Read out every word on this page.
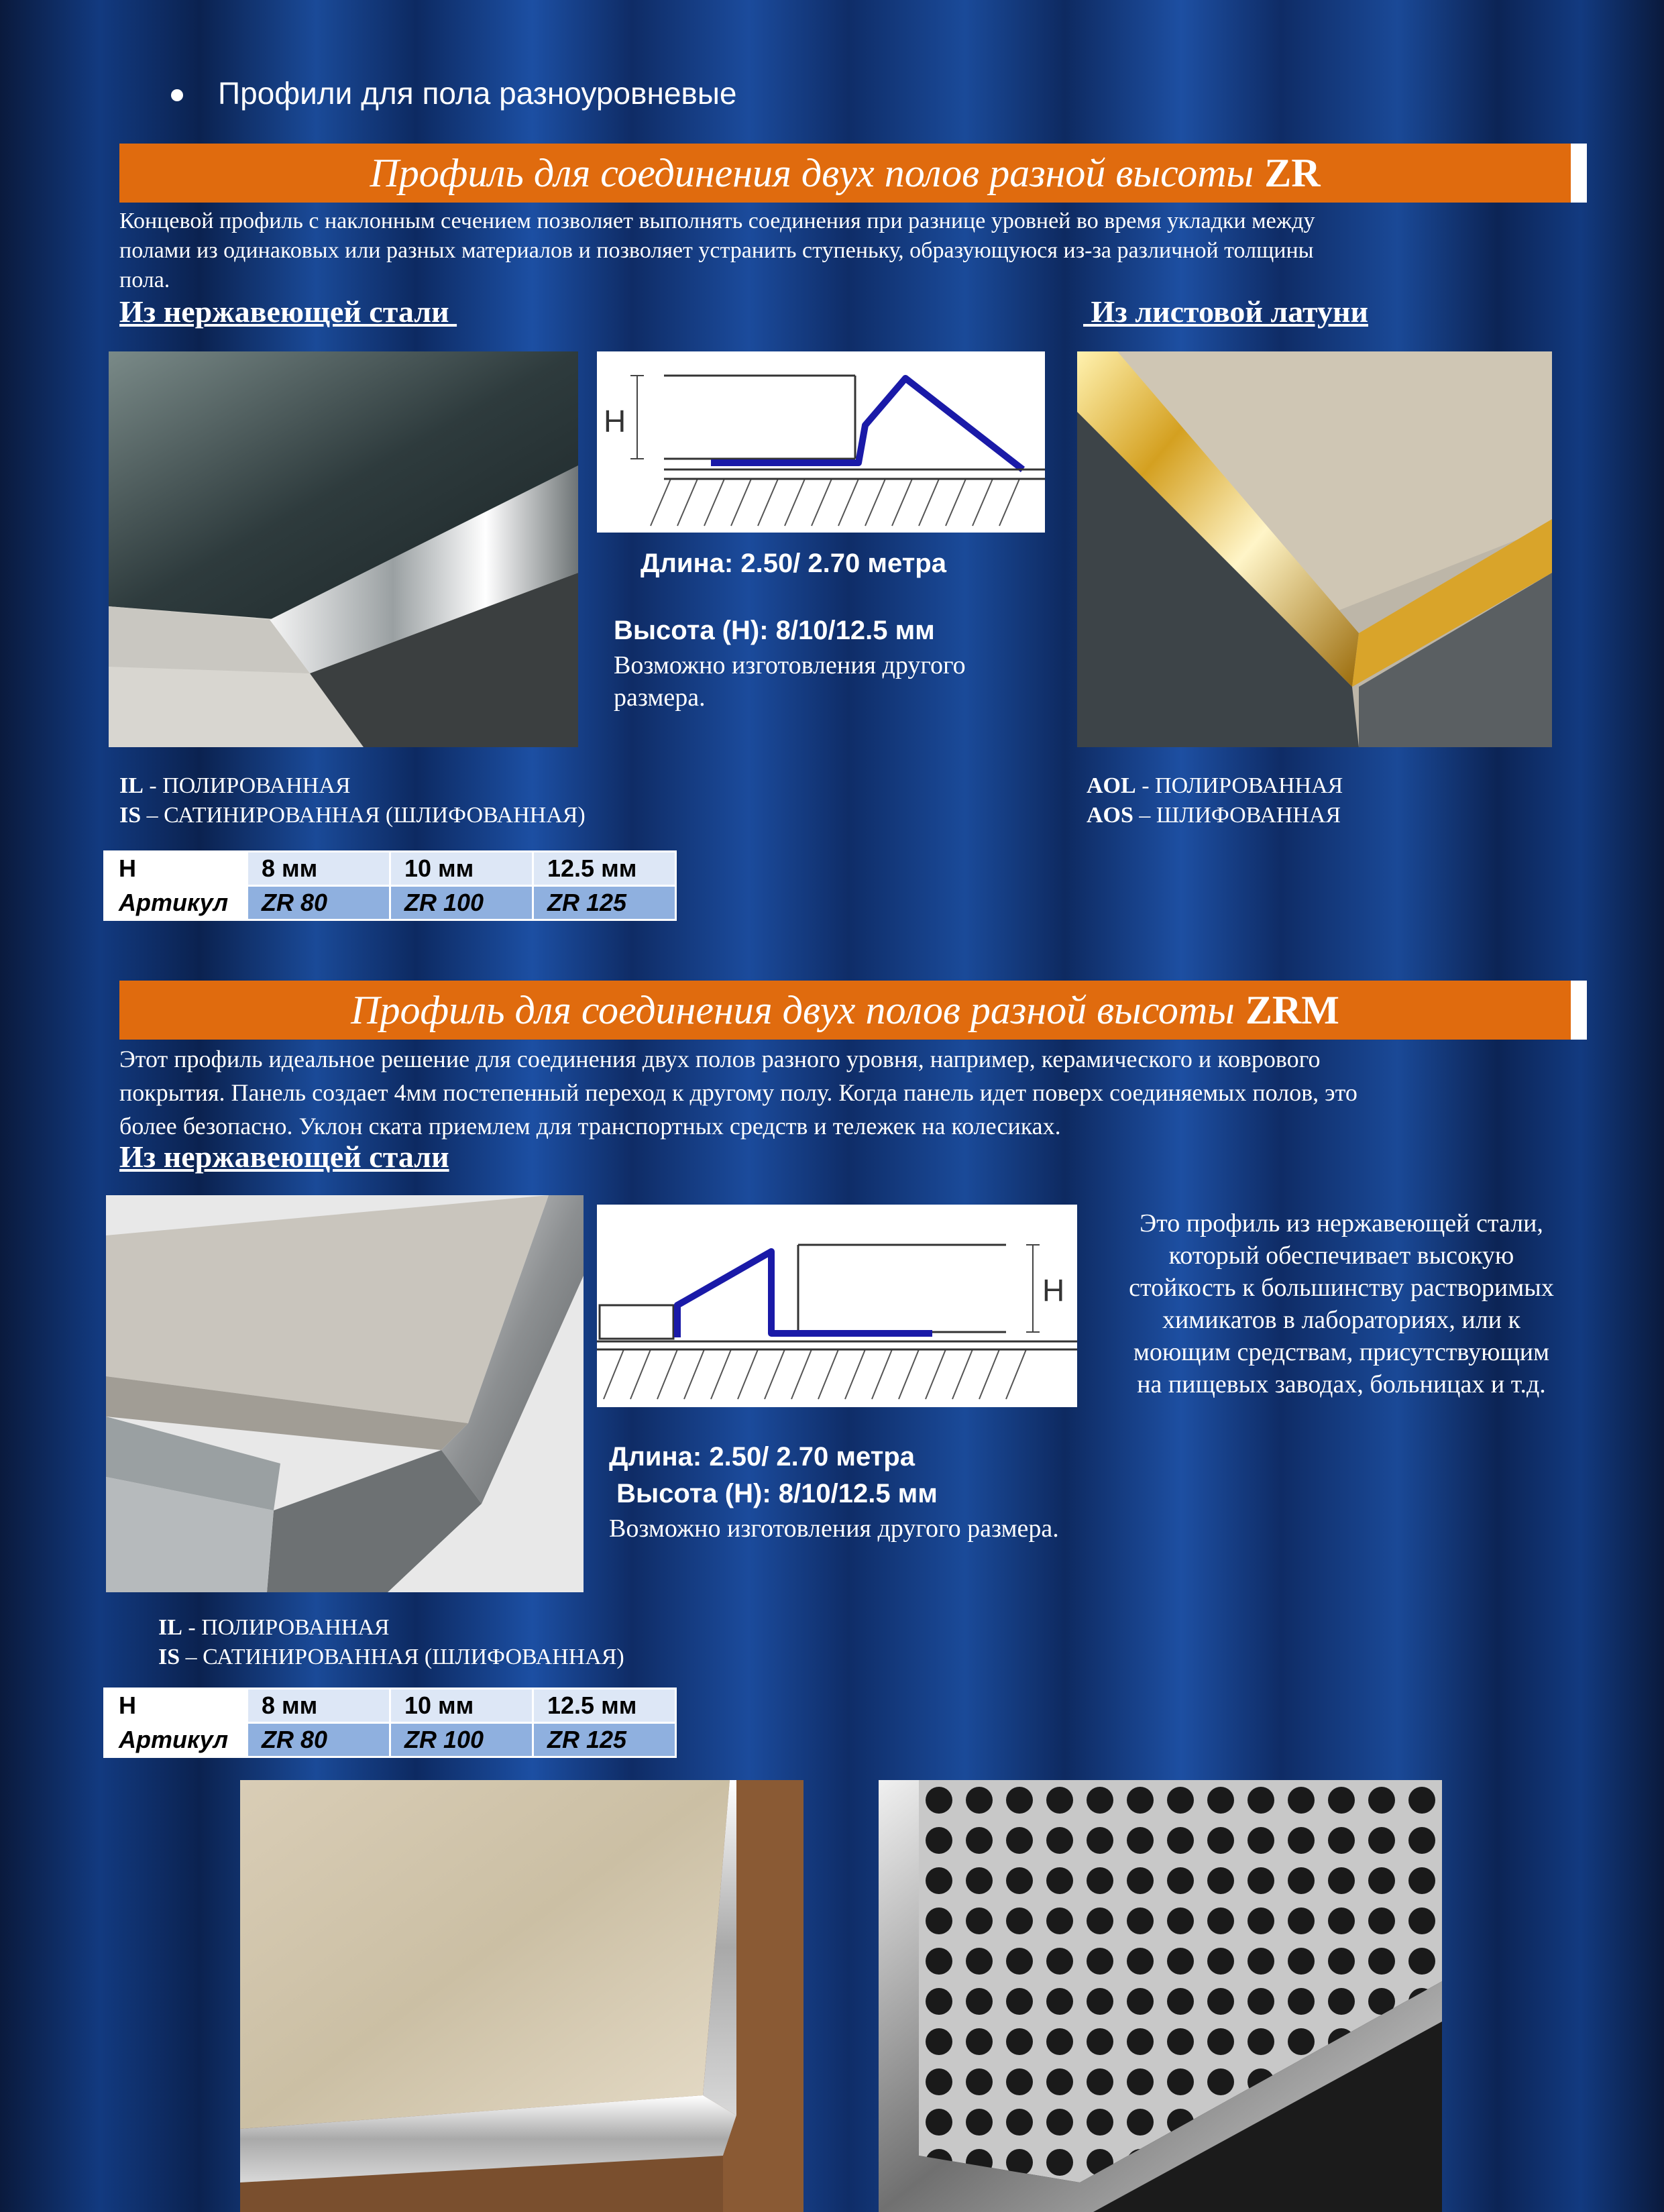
Профили для пола разноуровневые
Профиль для соединения двух полов разной высоты ZR
Концевой профиль с наклонным сечением позволяет выполнять соединения при разнице уровней во время укладки между
полами из одинаковых или разных материалов и позволяет устранить ступеньку, образующуюся из-за различной толщины
пола.
Из нержавеющей стали	Из листовой латуни
H
Длина: 2.50/ 2.70 метра
Высота (Н): 8/10/12.5 мм
Возможно изготовления другого
размера.
IL - ПОЛИРОВАННАЯ
IS – САТИНИРОВАННАЯ (ШЛИФОВАННАЯ)
AOL - ПОЛИРОВАННАЯ
AOS – ШЛИФОВАННАЯ
Н	8 мм	10 мм	12.5 мм
Артикул	ZR 80	ZR 100	ZR 125
Профиль для соединения двух полов разной высоты ZRM
Этот профиль идеальное решение для соединения двух полов разного уровня, например, керамического и коврового
покрытия. Панель создает 4мм постепенный переход к другому полу. Когда панель идет поверх соединяемых полов, это
более безопасно. Уклон ската приемлем для транспортных средств и тележек на колесиках.
Из нержавеющей стали
H
Это профиль из нержавеющей стали,
который обеспечивает высокую
стойкость к большинству растворимых
химикатов в лабораториях, или к
моющим средствам, присутствующим
на пищевых заводах, больницах и т.д.
Длина: 2.50/ 2.70 метра
Высота (Н): 8/10/12.5 мм
Возможно изготовления другого размера.
IL - ПОЛИРОВАННАЯ
IS – САТИНИРОВАННАЯ (ШЛИФОВАННАЯ)
Н	8 мм	10 мм	12.5 мм
Артикул	ZR 80	ZR 100	ZR 125
